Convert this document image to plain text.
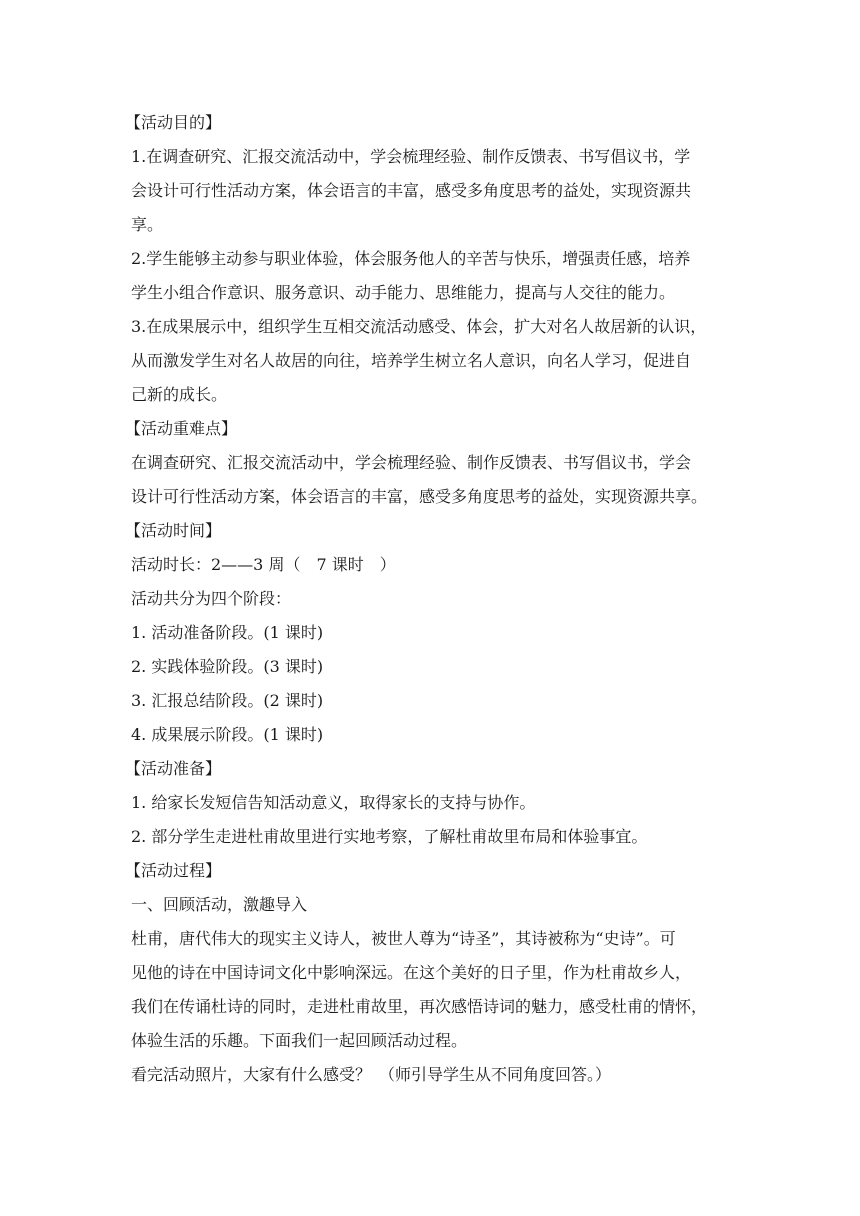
【活动目的】
1.在调查研究、汇报交流活动中，学会梳理经验、制作反馈表、书写倡议书，学
会设计可行性活动方案，体会语言的丰富，感受多角度思考的益处，实现资源共
享。
2.学生能够主动参与职业体验，体会服务他人的辛苦与快乐，增强责任感，培养
学生小组合作意识、服务意识、动手能力、思维能力，提高与人交往的能力。
3.在成果展示中，组织学生互相交流活动感受、体会，扩大对名人故居新的认识，
从而激发学生对名人故居的向往，培养学生树立名人意识，向名人学习，促进自
己新的成长。
【活动重难点】
在调查研究、汇报交流活动中，学会梳理经验、制作反馈表、书写倡议书，学会
设计可行性活动方案，体会语言的丰富，感受多角度思考的益处，实现资源共享。
【活动时间】
活动时长：2——3 周（　7 课时　）
活动共分为四个阶段：
1. 活动准备阶段。(1 课时)
2. 实践体验阶段。(3 课时)
3. 汇报总结阶段。(2 课时)
4. 成果展示阶段。(1 课时)
【活动准备】
1. 给家长发短信告知活动意义，取得家长的支持与协作。
2. 部分学生走进杜甫故里进行实地考察，了解杜甫故里布局和体验事宜。
【活动过程】
一、回顾活动，激趣导入
杜甫，唐代伟大的现实主义诗人，被世人尊为“诗圣”，其诗被称为“史诗”。可
见他的诗在中国诗词文化中影响深远。在这个美好的日子里，作为杜甫故乡人，
我们在传诵杜诗的同时，走进杜甫故里，再次感悟诗词的魅力，感受杜甫的情怀，
体验生活的乐趣。下面我们一起回顾活动过程。
看完活动照片，大家有什么感受？　（师引导学生从不同角度回答。）
